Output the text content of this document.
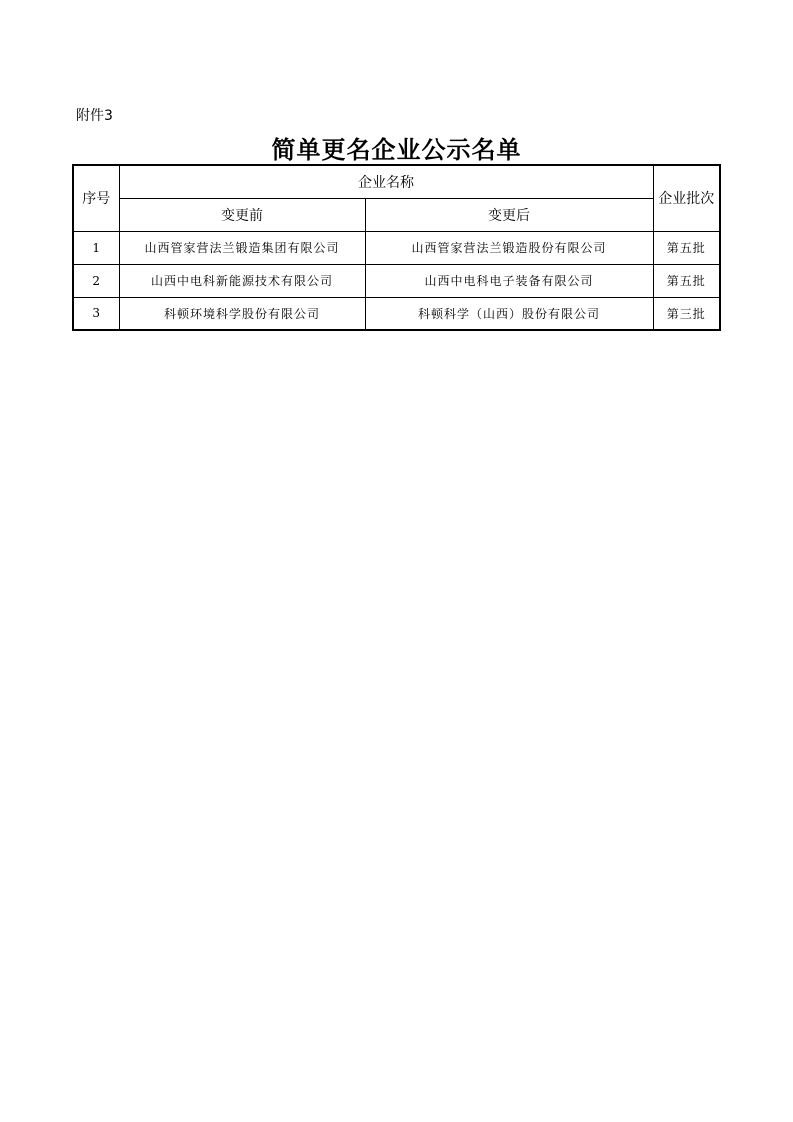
附件3
简单更名企业公示名单
序号	企业名称		企业批次
	变更前	变更后	
1	山西管家营法兰锻造集团有限公司	山西管家营法兰锻造股份有限公司	第五批
2	山西中电科新能源技术有限公司	山西中电科电子装备有限公司	第五批
3	科顿环境科学股份有限公司	科顿科学（山西）股份有限公司	第三批
